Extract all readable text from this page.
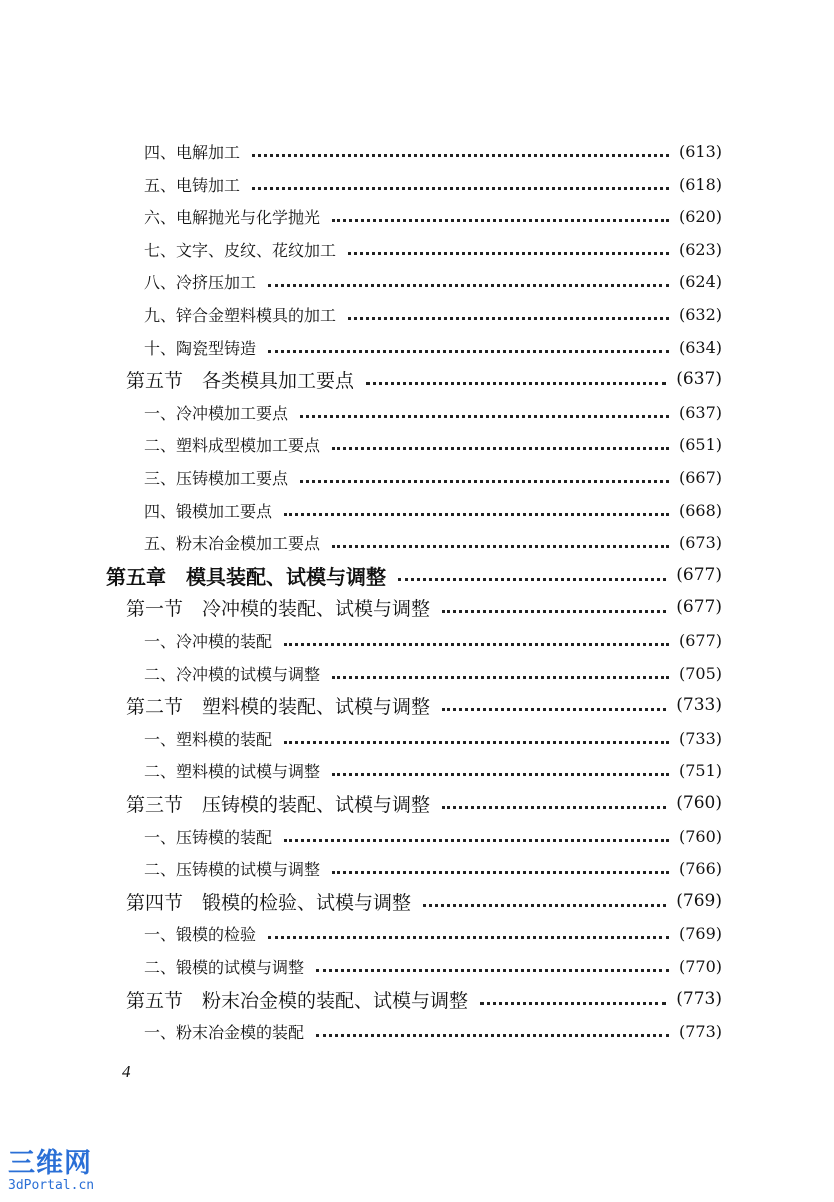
四、电解加工	(613)
五、电铸加工	(618)
六、电解抛光与化学抛光	(620)
七、文字、皮纹、花纹加工	(623)
八、冷挤压加工	(624)
九、锌合金塑料模具的加工	(632)
十、陶瓷型铸造	(634)
第五节　各类模具加工要点	(637)
一、冷冲模加工要点	(637)
二、塑料成型模加工要点	(651)
三、压铸模加工要点	(667)
四、锻模加工要点	(668)
五、粉末冶金模加工要点	(673)
第五章　模具装配、试模与调整	(677)
第一节　冷冲模的装配、试模与调整	(677)
一、冷冲模的装配	(677)
二、冷冲模的试模与调整	(705)
第二节　塑料模的装配、试模与调整	(733)
一、塑料模的装配	(733)
二、塑料模的试模与调整	(751)
第三节　压铸模的装配、试模与调整	(760)
一、压铸模的装配	(760)
二、压铸模的试模与调整	(766)
第四节　锻模的检验、试模与调整	(769)
一、锻模的检验	(769)
二、锻模的试模与调整	(770)
第五节　粉末冶金模的装配、试模与调整	(773)
一、粉末冶金模的装配	(773)
4
三维网
3dPortal.cn
